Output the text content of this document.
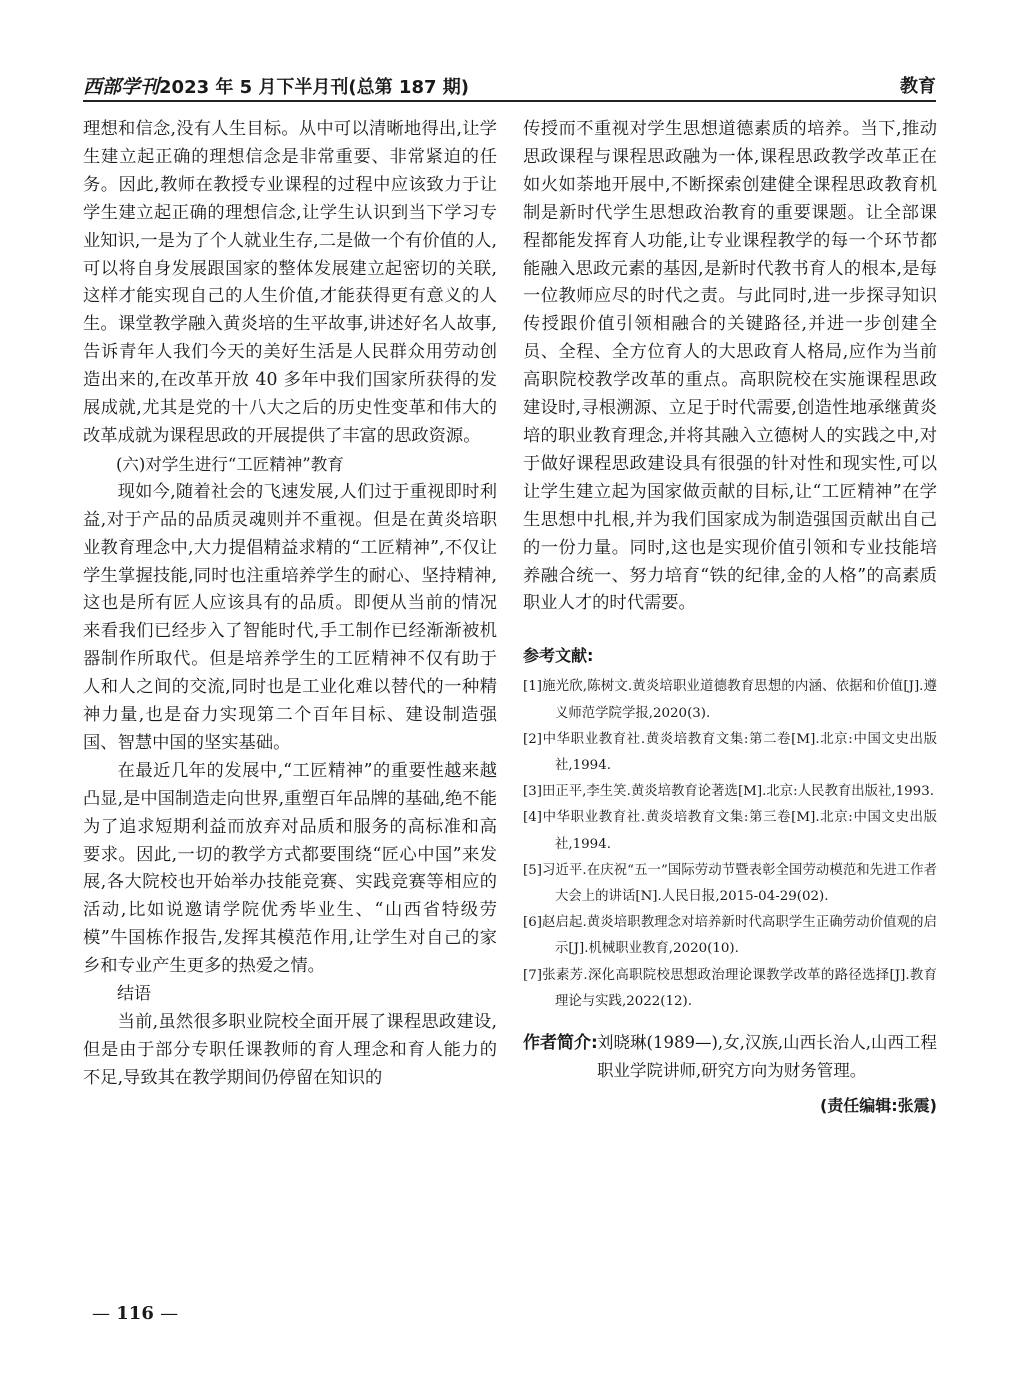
西部学刊2023 年 5 月下半月刊(总第 187 期)	教育

理想和信念,没有人生目标。从中可以清晰地得出,让学生建立起正确的理想信念是非常重要、非常紧迫的任务。因此,教师在教授专业课程的过程中应该致力于让学生建立起正确的理想信念,让学生认识到当下学习专业知识,一是为了个人就业生存,二是做一个有价值的人,可以将自身发展跟国家的整体发展建立起密切的关联,这样才能实现自己的人生价值,才能获得更有意义的人生。课堂教学融入黄炎培的生平故事,讲述好名人故事,告诉青年人我们今天的美好生活是人民群众用劳动创造出来的,在改革开放 40 多年中我们国家所获得的发展成就,尤其是党的十八大之后的历史性变革和伟大的改革成就为课程思政的开展提供了丰富的思政资源。

(六)对学生进行“工匠精神”教育

现如今,随着社会的飞速发展,人们过于重视即时利益,对于产品的品质灵魂则并不重视。但是在黄炎培职业教育理念中,大力提倡精益求精的“工匠精神”,不仅让学生掌握技能,同时也注重培养学生的耐心、坚持精神,这也是所有匠人应该具有的品质。即便从当前的情况来看我们已经步入了智能时代,手工制作已经渐渐被机器制作所取代。但是培养学生的工匠精神不仅有助于人和人之间的交流,同时也是工业化难以替代的一种精神力量,也是奋力实现第二个百年目标、建设制造强国、智慧中国的坚实基础。

在最近几年的发展中,“工匠精神”的重要性越来越凸显,是中国制造走向世界,重塑百年品牌的基础,绝不能为了追求短期利益而放弃对品质和服务的高标准和高要求。因此,一切的教学方式都要围绕“匠心中国”来发展,各大院校也开始举办技能竞赛、实践竞赛等相应的活动,比如说邀请学院优秀毕业生、“山西省特级劳模”牛国栋作报告,发挥其模范作用,让学生对自己的家乡和专业产生更多的热爱之情。

结语

当前,虽然很多职业院校全面开展了课程思政建设,但是由于部分专职任课教师的育人理念和育人能力的不足,导致其在教学期间仍停留在知识的

传授而不重视对学生思想道德素质的培养。当下,推动思政课程与课程思政融为一体,课程思政教学改革正在如火如荼地开展中,不断探索创建健全课程思政教育机制是新时代学生思想政治教育的重要课题。让全部课程都能发挥育人功能,让专业课程教学的每一个环节都能融入思政元素的基因,是新时代教书育人的根本,是每一位教师应尽的时代之责。与此同时,进一步探寻知识传授跟价值引领相融合的关键路径,并进一步创建全员、全程、全方位育人的大思政育人格局,应作为当前高职院校教学改革的重点。高职院校在实施课程思政建设时,寻根溯源、立足于时代需要,创造性地承继黄炎培的职业教育理念,并将其融入立德树人的实践之中,对于做好课程思政建设具有很强的针对性和现实性,可以让学生建立起为国家做贡献的目标,让“工匠精神”在学生思想中扎根,并为我们国家成为制造强国贡献出自己的一份力量。同时,这也是实现价值引领和专业技能培养融合统一、努力培育“铁的纪律,金的人格”的高素质职业人才的时代需要。

参考文献:

[1]施光欣,陈树文.黄炎培职业道德教育思想的内涵、依据和价值[J].遵义师范学院学报,2020(3).

[2]中华职业教育社.黄炎培教育文集:第二卷[M].北京:中国文史出版社,1994.

[3]田正平,李生笑.黄炎培教育论著选[M].北京:人民教育出版社,1993.

[4]中华职业教育社.黄炎培教育文集:第三卷[M].北京:中国文史出版社,1994.

[5]习近平.在庆祝“五一”国际劳动节暨表彰全国劳动模范和先进工作者大会上的讲话[N].人民日报,2015-04-29(02).

[6]赵启起.黄炎培职教理念对培养新时代高职学生正确劳动价值观的启示[J].机械职业教育,2020(10).

[7]张素芳.深化高职院校思想政治理论课教学改革的路径选择[J].教育理论与实践,2022(12).

作者简介: 刘晓琳(1989—),女,汉族,山西长治人,山西工程职业学院讲师,研究方向为财务管理。
(责任编辑:张震)
— 116 —
